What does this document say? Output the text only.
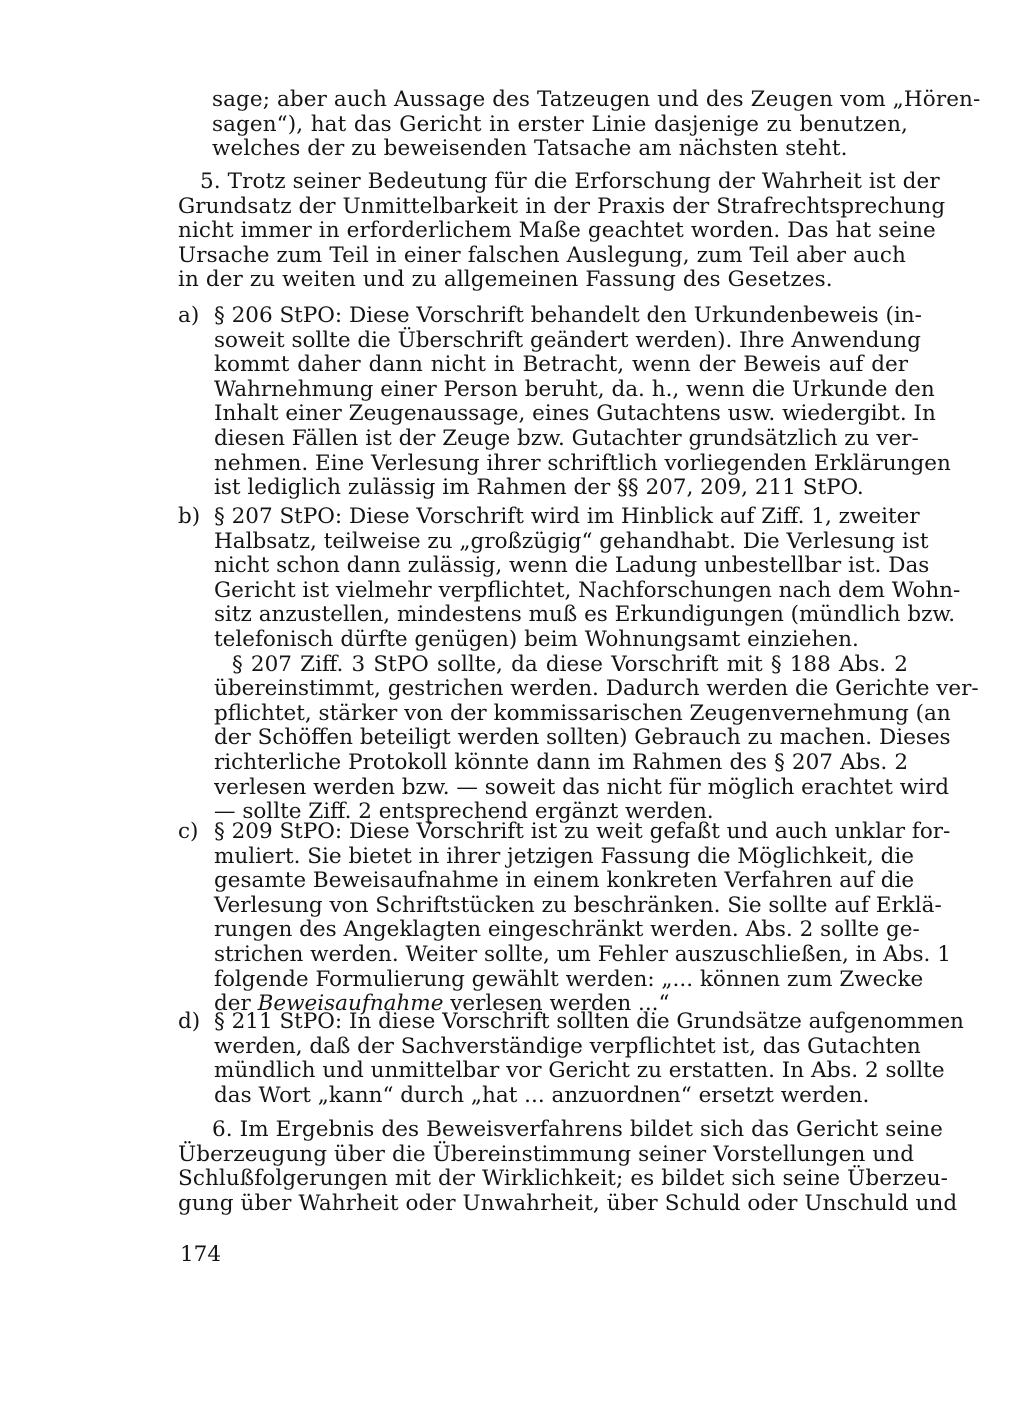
sage; aber auch Aussage des Tatzeugen und des Zeugen vom „Hören-
sagen“), hat das Gericht in erster Linie dasjenige zu benutzen,
welches der zu beweisenden Tatsache am nächsten steht.
5. Trotz seiner Bedeutung für die Erforschung der Wahrheit ist der
Grundsatz der Unmittelbarkeit in der Praxis der Strafrechtsprechung
nicht immer in erforderlichem Maße geachtet worden. Das hat seine
Ursache zum Teil in einer falschen Auslegung, zum Teil aber auch
in der zu weiten und zu allgemeinen Fassung des Gesetzes.
a) § 206 StPO: Diese Vorschrift behandelt den Urkundenbeweis (in-
soweit sollte die Überschrift geändert werden). Ihre Anwendung
kommt daher dann nicht in Betracht, wenn der Beweis auf der
Wahrnehmung einer Person beruht, da. h., wenn die Urkunde den
Inhalt einer Zeugenaussage, eines Gutachtens usw. wiedergibt. In
diesen Fällen ist der Zeuge bzw. Gutachter grundsätzlich zu ver-
nehmen. Eine Verlesung ihrer schriftlich vorliegenden Erklärungen
ist lediglich zulässig im Rahmen der §§ 207, 209, 211 StPO.
b) § 207 StPO: Diese Vorschrift wird im Hinblick auf Ziff. 1, zweiter
Halbsatz, teilweise zu „großzügig“ gehandhabt. Die Verlesung ist
nicht schon dann zulässig, wenn die Ladung unbestellbar ist. Das
Gericht ist vielmehr verpflichtet, Nachforschungen nach dem Wohn-
sitz anzustellen, mindestens muß es Erkundigungen (mündlich bzw.
telefonisch dürfte genügen) beim Wohnungsamt einziehen.
§ 207 Ziff. 3 StPO sollte, da diese Vorschrift mit § 188 Abs. 2
übereinstimmt, gestrichen werden. Dadurch werden die Gerichte ver-
pflichtet, stärker von der kommissarischen Zeugenvernehmung (an
der Schöffen beteiligt werden sollten) Gebrauch zu machen. Dieses
richterliche Protokoll könnte dann im Rahmen des § 207 Abs. 2
verlesen werden bzw. — soweit das nicht für möglich erachtet wird
— sollte Ziff. 2 entsprechend ergänzt werden.
c) § 209 StPO: Diese Vorschrift ist zu weit gefaßt und auch unklar for-
muliert. Sie bietet in ihrer jetzigen Fassung die Möglichkeit, die
gesamte Beweisaufnahme in einem konkreten Verfahren auf die
Verlesung von Schriftstücken zu beschränken. Sie sollte auf Erklä-
rungen des Angeklagten eingeschränkt werden. Abs. 2 sollte ge-
strichen werden. Weiter sollte, um Fehler auszuschließen, in Abs. 1
folgende Formulierung gewählt werden: „... können zum Zwecke
der Beweisaufnahme verlesen werden ...“
d) § 211 StPO: In diese Vorschrift sollten die Grundsätze aufgenommen
werden, daß der Sachverständige verpflichtet ist, das Gutachten
mündlich und unmittelbar vor Gericht zu erstatten. In Abs. 2 sollte
das Wort „kann“ durch „hat ... anzuordnen“ ersetzt werden.
6. Im Ergebnis des Beweisverfahrens bildet sich das Gericht seine
Überzeugung über die Übereinstimmung seiner Vorstellungen und
Schlußfolgerungen mit der Wirklichkeit; es bildet sich seine Überzeu-
gung über Wahrheit oder Unwahrheit, über Schuld oder Unschuld und
174
